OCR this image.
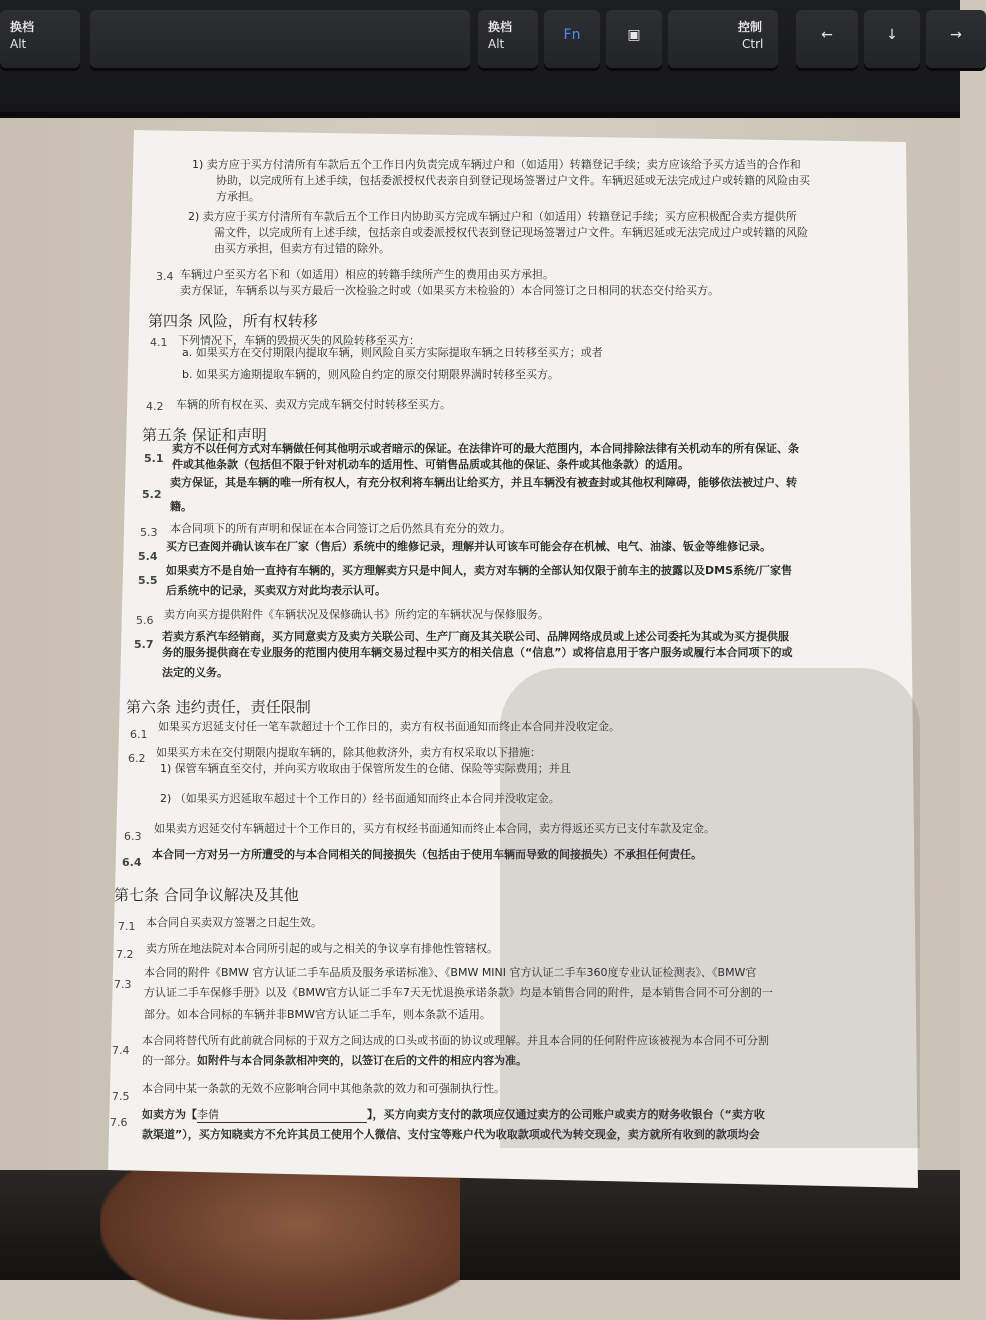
换档
Alt
换档
Alt
Fn	▣	控制
Ctrl
←	↓	→
1) 卖方应于买方付清所有车款后五个工作日内负责完成车辆过户和（如适用）转籍登记手续；卖方应该给予买方适当的合作和
协助，以完成所有上述手续，包括委派授权代表亲自到登记现场签署过户文件。车辆迟延或无法完成过户或转籍的风险由买
方承担。
2) 卖方应于买方付清所有车款后五个工作日内协助买方完成车辆过户和（如适用）转籍登记手续；买方应积极配合卖方提供所
需文件，以完成所有上述手续，包括亲自或委派授权代表到登记现场签署过户文件。车辆迟延或无法完成过户或转籍的风险
由买方承担，但卖方有过错的除外。
3.4 车辆过户至买方名下和（如适用）相应的转籍手续所产生的费用由买方承担。
卖方保证，车辆系以与买方最后一次检验之时或（如果买方未检验的）本合同签订之日相同的状态交付给买方。
第四条 风险，所有权转移
4.1 下列情况下，车辆的毁损灭失的风险转移至买方：
a. 如果买方在交付期限内提取车辆，则风险自买方实际提取车辆之日转移至买方；或者
b. 如果买方逾期提取车辆的，则风险自约定的原交付期限界满时转移至买方。
4.2 车辆的所有权在买、卖双方完成车辆交付时转移至买方。
第五条 保证和声明
5.1
卖方不以任何方式对车辆做任何其他明示或者暗示的保证。在法律许可的最大范围内，本合同排除法律有关机动车的所有保证、条
件或其他条款（包括但不限于针对机动车的适用性、可销售品质或其他的保证、条件或其他条款）的适用。
5.2
卖方保证，其是车辆的唯一所有权人，有充分权利将车辆出让给买方，并且车辆没有被查封或其他权利障碍，能够依法被过户、转
籍。
5.3 本合同项下的所有声明和保证在本合同签订之后仍然具有充分的效力。
5.4
买方已查阅并确认该车在厂家（售后）系统中的维修记录，理解并认可该车可能会存在机械、电气、油漆、钣金等维修记录。
5.5
如果卖方不是自始一直持有车辆的，买方理解卖方只是中间人，卖方对车辆的全部认知仅限于前车主的披露以及DMS系统/厂家售
后系统中的记录，买卖双方对此均表示认可。
5.6 卖方向买方提供附件《车辆状况及保修确认书》所约定的车辆状况与保修服务。
5.7
若卖方系汽车经销商，买方同意卖方及卖方关联公司、生产厂商及其关联公司、品牌网络成员或上述公司委托为其或为买方提供服
务的服务提供商在专业服务的范围内使用车辆交易过程中买方的相关信息（“信息”）或将信息用于客户服务或履行本合同项下的或
法定的义务。
第六条 违约责任，责任限制
6.1
如果买方迟延支付任一笔车款超过十个工作日的，卖方有权书面通知而终止本合同并没收定金。
6.2 如果买方未在交付期限内提取车辆的，除其他救济外，卖方有权采取以下措施：
1) 保管车辆直至交付，并向买方收取由于保管所发生的仓储、保险等实际费用；并且
2) （如果买方迟延取车超过十个工作日的）经书面通知而终止本合同并没收定金。
6.3
如果卖方迟延交付车辆超过十个工作日的，买方有权经书面通知而终止本合同，卖方得返还买方已支付车款及定金。
6.4
本合同一方对另一方所遭受的与本合同相关的间接损失（包括由于使用车辆而导致的间接损失）不承担任何责任。
第七条 合同争议解决及其他
7.1 本合同自买卖双方签署之日起生效。
7.2 卖方所在地法院对本合同所引起的或与之相关的争议享有排他性管辖权。
7.3
本合同的附件《BMW 官方认证二手车品质及服务承诺标准》、《BMW MINI 官方认证二手车360度专业认证检测表》、《BMW官
方认证二手车保修手册》以及《BMW官方认证二手车7天无忧退换承诺条款》均是本销售合同的附件，是本销售合同不可分割的一
部分。如本合同标的车辆并非BMW官方认证二手车，则本条款不适用。
7.4
本合同将替代所有此前就合同标的于双方之间达成的口头或书面的协议或理解。并且本合同的任何附件应该被视为本合同不可分割
的一部分。如附件与本合同条款相冲突的，以签订在后的文件的相应内容为准。
7.5
本合同中某一条款的无效不应影响合同中其他条款的效力和可强制执行性。
7.6
如卖方为【李倩	】，买方向卖方支付的款项应仅通过卖方的公司账户或卖方的财务收银台（“卖方收
款渠道”），买方知晓卖方不允许其员工使用个人微信、支付宝等账户代为收取款项或代为转交现金，卖方就所有收到的款项均会
